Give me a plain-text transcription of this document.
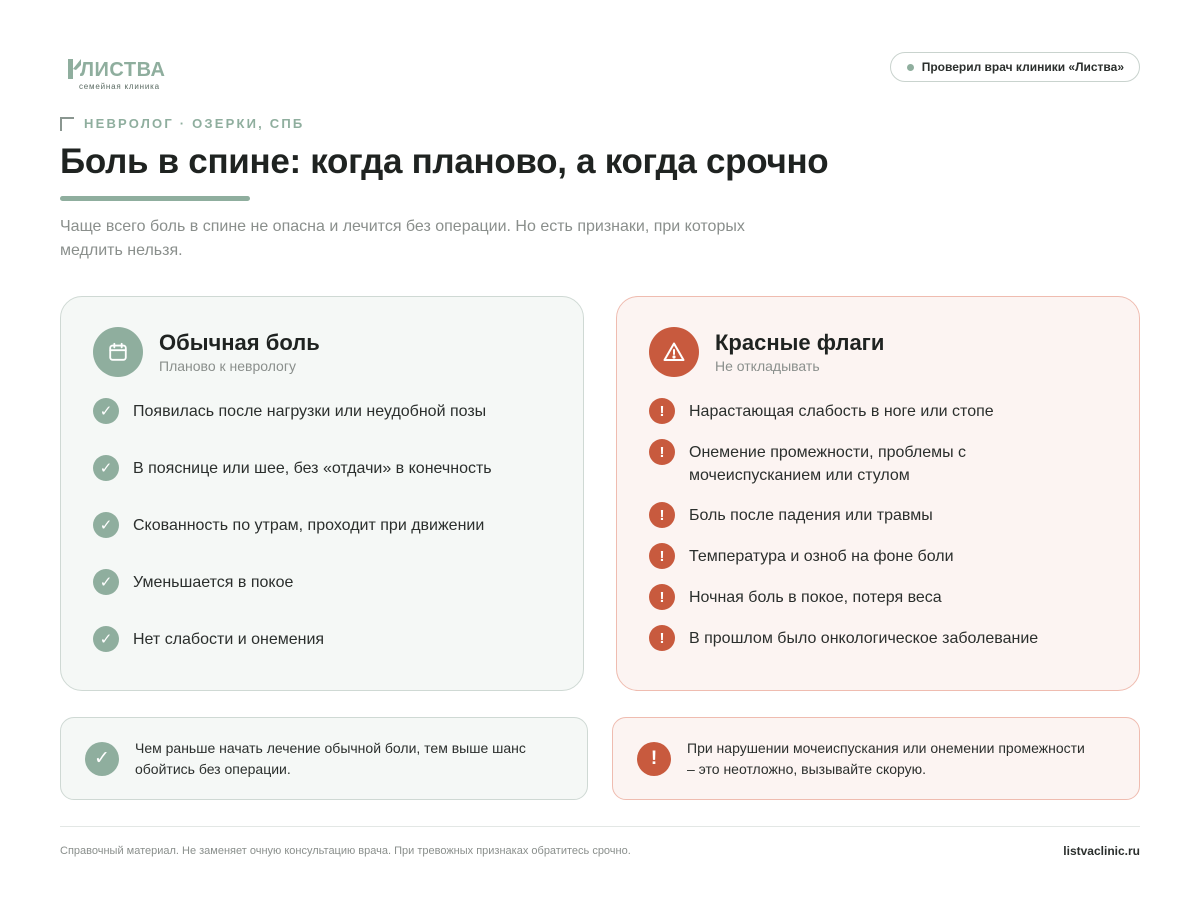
ЛИСТВА
семейная клиника
Проверил врач клиники «Листва»
НЕВРОЛОГ · ОЗЕРКИ, СПБ
Боль в спине: когда планово, а когда срочно

Чаще всего боль в спине не опасна и лечится без операции. Но есть признаки, при которых медлить нельзя.

Обычная боль
Планово к неврологу
✓	Появилась после нагрузки или неудобной позы
✓	В пояснице или шее, без «отдачи» в конечность
✓	Скованность по утрам, проходит при движении
✓	Уменьшается в покое
✓	Нет слабости и онемения
Красные флаги
Не откладывать
!	Нарастающая слабость в ноге или стопе
!	Онемение промежности, проблемы с мочеиспусканием или стулом
!	Боль после падения или травмы
!	Температура и озноб на фоне боли
!	Ночная боль в покое, потеря веса
!	В прошлом было онкологическое заболевание
✓
Чем раньше начать лечение обычной боли, тем выше шанс обойтись без операции.	!	При нарушении мочеиспускания или онемении промежности – это неотложно, вызывайте скорую.

Справочный материал. Не заменяет очную консультацию врача. При тревожных признаках обратитесь срочно.	listvaclinic.ru
